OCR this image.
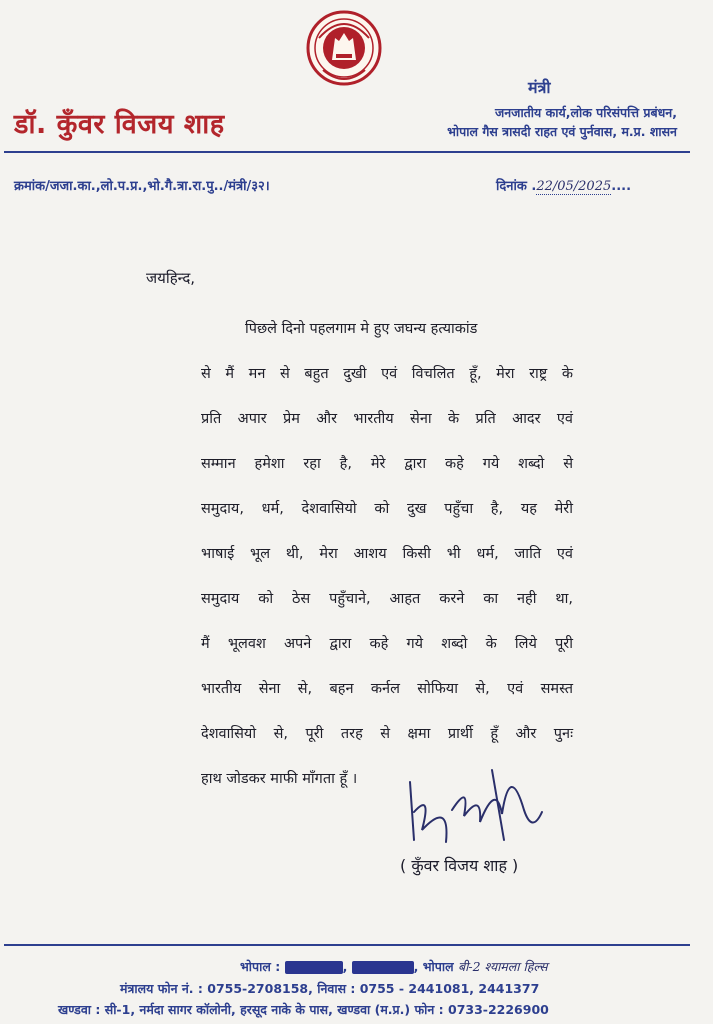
डॉ. कुँवर विजय शाह
मंत्री
जनजातीय कार्य,लोक परिसंपत्ति प्रबंधन,
भोपाल गैस त्रासदी राहत एवं पुर्नवास, म.प्र. शासन
क्रमांक/जजा.का.,लो.प.प्र.,भो.गै.त्रा.रा.पु../मंत्री/३२।	दिनांक .22/05/2025....
जयहिन्द,
पिछले दिनो पहलगाम मे हुए जघन्य हत्याकांड
से मैं मन से बहुत दुखी एवं विचलित हूँ, मेरा राष्ट्र के
प्रति अपार प्रेम और भारतीय सेना के प्रति आदर एवं
सम्मान हमेशा रहा है, मेरे द्वारा कहे गये शब्दो से
समुदाय, धर्म, देशवासियो को दुख पहुँचा है, यह मेरी
भाषाई भूल थी, मेरा आशय किसी भी धर्म, जाति एवं
समुदाय को ठेस पहुँचाने, आहत करने का नही था,
मैं भूलवश अपने द्वारा कहे गये शब्दो के लिये पूरी
भारतीय सेना से, बहन कर्नल सोफिया से, एवं समस्त
देशवासियो से, पूरी तरह से क्षमा प्रार्थी हूँ और पुनः
हाथ जोडकर माफी माँगता हूँ ।
( कुँवर विजय शाह )
भोपाल :	,	, भोपाल बी-2 श्यामला हिल्स
मंत्रालय फोन नं. : 0755-2708158, निवास : 0755 - 2441081, 2441377
खण्डवा : सी-1, नर्मदा सागर कॉलोनी, हरसूद नाके के पास, खण्डवा (म.प्र.) फोन : 0733-2226900
